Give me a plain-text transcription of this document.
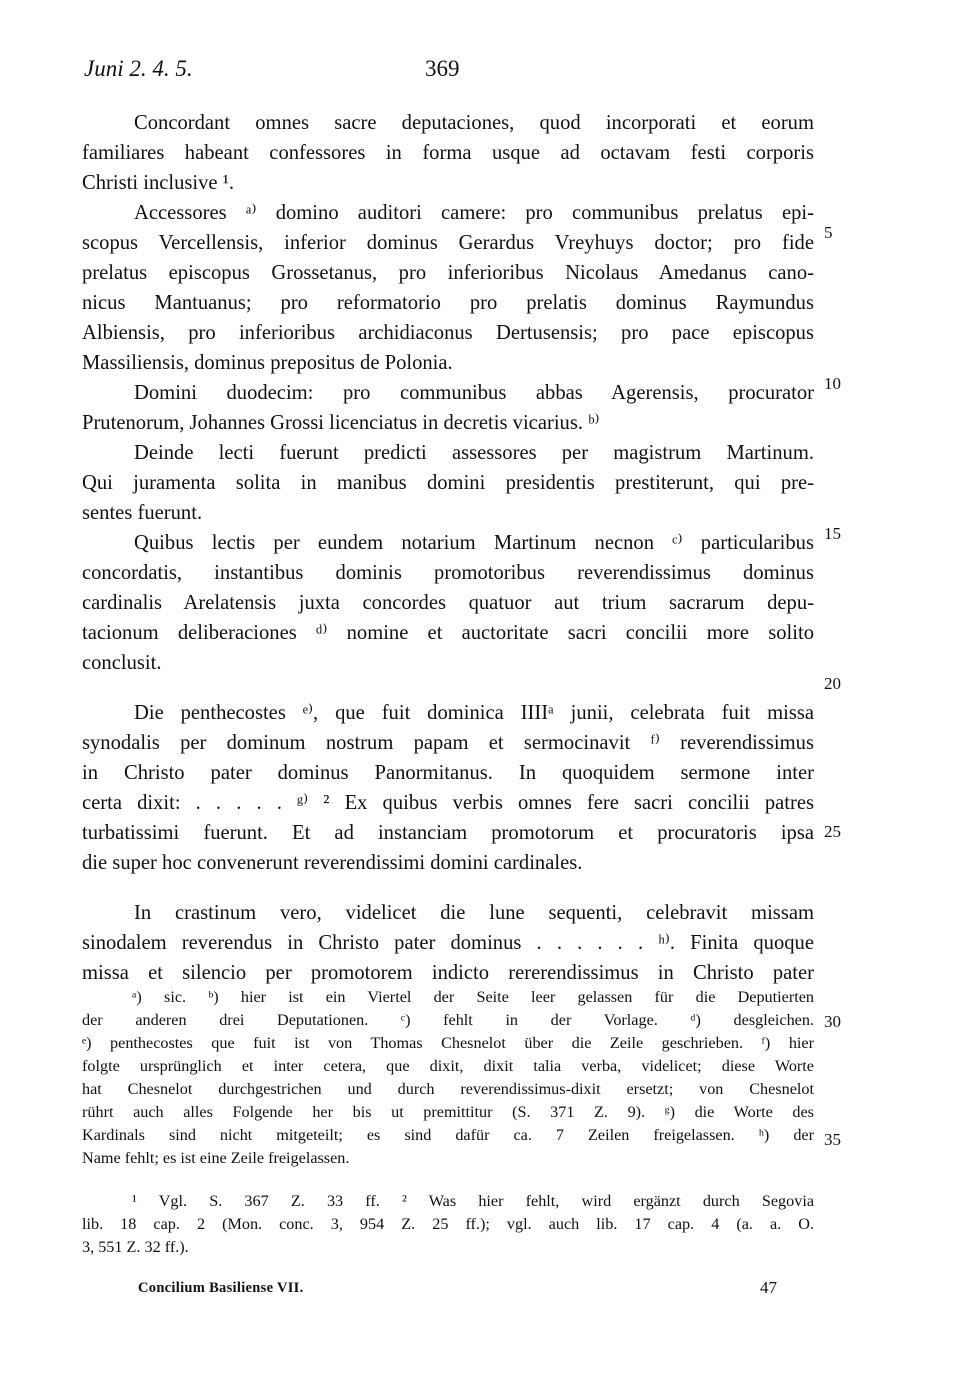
Juni 2. 4. 5.	369
Concordant omnes sacre deputaciones, quod incorporati et eorum
familiares habeant confessores in forma usque ad octavam festi corporis
Christi inclusive ¹.
Accessores ᵃ⁾ domino auditori camere: pro communibus prelatus epi-
scopus Vercellensis, inferior dominus Gerardus Vreyhuys doctor; pro fide
prelatus episcopus Grossetanus, pro inferioribus Nicolaus Amedanus cano-
nicus Mantuanus; pro reformatorio pro prelatis dominus Raymundus
Albiensis, pro inferioribus archidiaconus Dertusensis; pro pace episcopus
Massiliensis, dominus prepositus de Polonia.
Domini duodecim: pro communibus abbas Agerensis, procurator
Prutenorum, Johannes Grossi licenciatus in decretis vicarius. ᵇ⁾
Deinde lecti fuerunt predicti assessores per magistrum Martinum.
Qui juramenta solita in manibus domini presidentis prestiterunt, qui pre-
sentes fuerunt.
Quibus lectis per eundem notarium Martinum necnon ᶜ⁾ particularibus
concordatis, instantibus dominis promotoribus reverendissimus dominus
cardinalis Arelatensis juxta concordes quatuor aut trium sacrarum depu-
tacionum deliberaciones ᵈ⁾ nomine et auctoritate sacri concilii more solito
conclusit.
Die penthecostes ᵉ⁾, que fuit dominica IIIIᵃ junii, celebrata fuit missa
synodalis per dominum nostrum papam et sermocinavit ᶠ⁾ reverendissimus
in Christo pater dominus Panormitanus. In quoquidem sermone inter
certa dixit: . . . . . ᵍ⁾ ² Ex quibus verbis omnes fere sacri concilii patres
turbatissimi fuerunt. Et ad instanciam promotorum et procuratoris ipsa
die super hoc convenerunt reverendissimi domini cardinales.
In crastinum vero, videlicet die lune sequenti, celebravit missam
sinodalem reverendus in Christo pater dominus . . . . . . ʰ⁾. Finita quoque
missa et silencio per promotorem indicto rererendissimus in Christo pater
5
10
15
20
25
30
35
ᵃ) sic. ᵇ) hier ist ein Viertel der Seite leer gelassen für die Deputierten
der anderen drei Deputationen. ᶜ) fehlt in der Vorlage. ᵈ) desgleichen.
ᵉ) penthecostes que fuit ist von Thomas Chesnelot über die Zeile geschrieben. ᶠ) hier
folgte ursprünglich et inter cetera, que dixit, dixit talia verba, videlicet; diese Worte
hat Chesnelot durchgestrichen und durch reverendissimus-dixit ersetzt; von Chesnelot
rührt auch alles Folgende her bis ut premittitur (S. 371 Z. 9). ᵍ) die Worte des
Kardinals sind nicht mitgeteilt; es sind dafür ca. 7 Zeilen freigelassen. ʰ) der
Name fehlt; es ist eine Zeile freigelassen.
¹ Vgl. S. 367 Z. 33 ff. ² Was hier fehlt, wird ergänzt durch Segovia
lib. 18 cap. 2 (Mon. conc. 3, 954 Z. 25 ff.); vgl. auch lib. 17 cap. 4 (a. a. O.
3, 551 Z. 32 ff.).
Concilium Basiliense VII.	47
